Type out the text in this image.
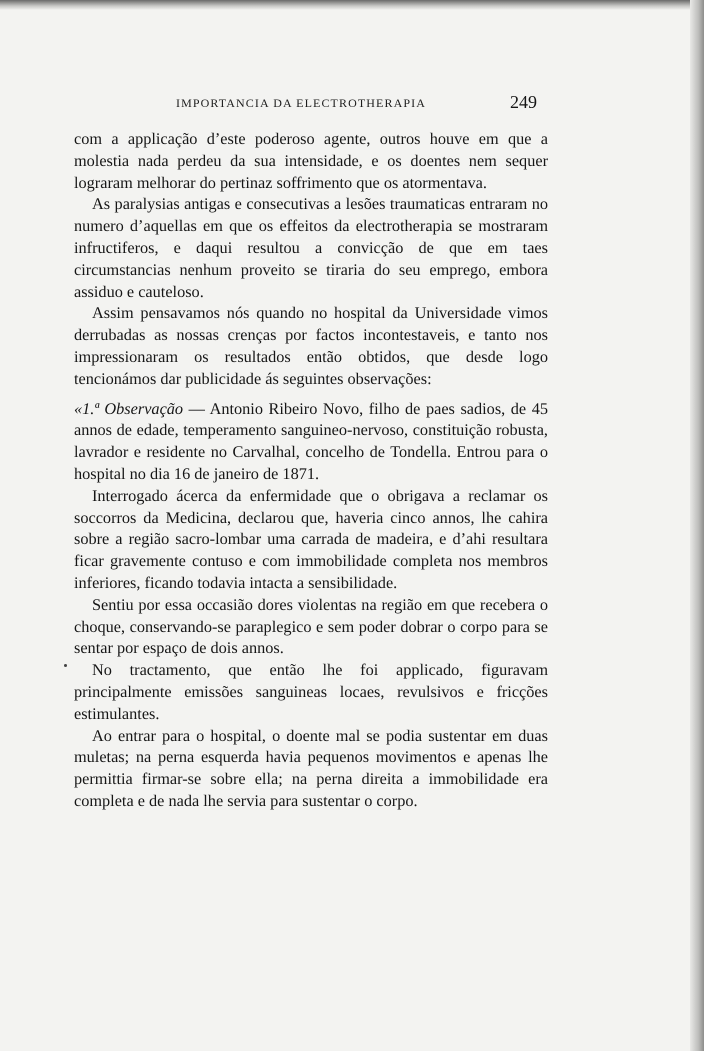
IMPORTANCIA DA ELECTROTHERAPIA	249

com a applicação d’este poderoso agente, outros houve em que a molestia nada perdeu da sua intensidade, e os doentes nem sequer lograram melhorar do pertinaz soffrimento que os atormentava.

As paralysias antigas e consecutivas a lesões traumaticas entraram no numero d’aquellas em que os effeitos da electrotherapia se mostraram infructiferos, e daqui resultou a convicção de que em taes circumstancias nenhum proveito se tiraria do seu emprego, embora assiduo e cauteloso.

Assim pensavamos nós quando no hospital da Universidade vimos derrubadas as nossas crenças por factos incontestaveis, e tanto nos impressionaram os resultados então obtidos, que desde logo tencionámos dar publicidade ás seguintes observações:

«1.ª Observação — Antonio Ribeiro Novo, filho de paes sadios, de 45 annos de edade, temperamento sanguineo-nervoso, constituição robusta, lavrador e residente no Carvalhal, concelho de Tondella. Entrou para o hospital no dia 16 de janeiro de 1871.

Interrogado ácerca da enfermidade que o obrigava a reclamar os soccorros da Medicina, declarou que, haveria cinco annos, lhe cahira sobre a região sacro-lombar uma carrada de madeira, e d’ahi resultara ficar gravemente contuso e com immobilidade completa nos membros inferiores, ficando todavia intacta a sensibilidade.

Sentiu por essa occasião dores violentas na região em que recebera o choque, conservando-se paraplegico e sem poder dobrar o corpo para se sentar por espaço de dois annos.

No tractamento, que então lhe foi applicado, figuravam principalmente emissões sanguineas locaes, revulsivos e fricções estimulantes.

Ao entrar para o hospital, o doente mal se podia sustentar em duas muletas; na perna esquerda havia pequenos movimentos e apenas lhe permittia firmar-se sobre ella; na perna direita a immobilidade era completa e de nada lhe servia para sustentar o corpo.
